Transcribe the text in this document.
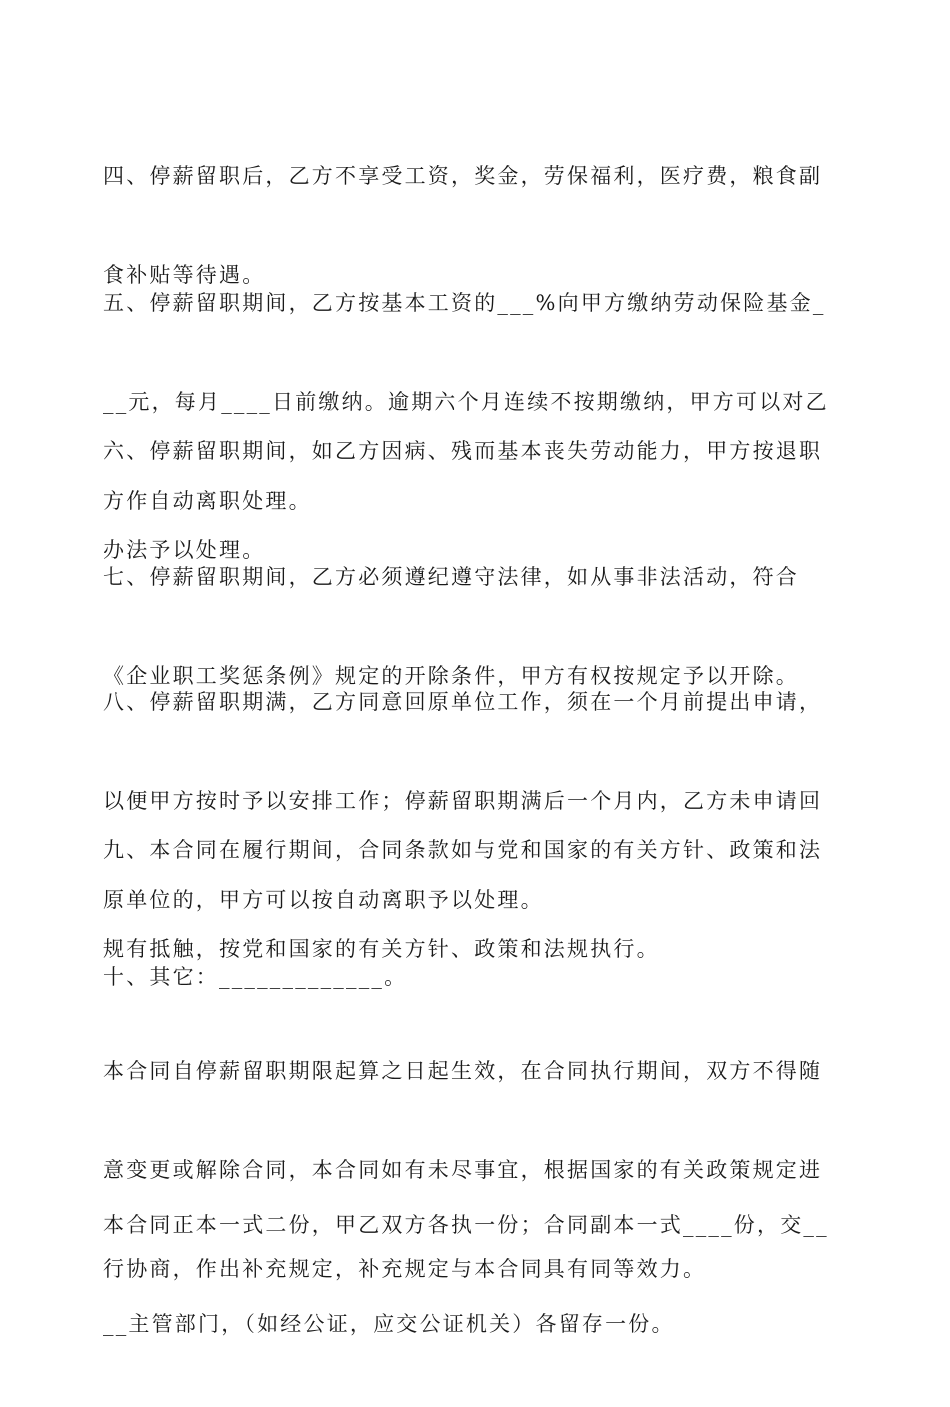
四、停薪留职后，乙方不享受工资，奖金，劳保福利，医疗费，粮食副

食补贴等待遇。

五、停薪留职期间，乙方按基本工资的___%向甲方缴纳劳动保险基金_

__元，每月____日前缴纳。逾期六个月连续不按期缴纳，甲方可以对乙

方作自动离职处理。

六、停薪留职期间，如乙方因病、残而基本丧失劳动能力，甲方按退职

办法予以处理。

七、停薪留职期间，乙方必须遵纪遵守法律，如从事非法活动，符合

《企业职工奖惩条例》规定的开除条件，甲方有权按规定予以开除。

八、停薪留职期满，乙方同意回原单位工作，须在一个月前提出申请，

以便甲方按时予以安排工作；停薪留职期满后一个月内，乙方未申请回

原单位的，甲方可以按自动离职予以处理。

九、本合同在履行期间，合同条款如与党和国家的有关方针、政策和法

规有抵触，按党和国家的有关方针、政策和法规执行。

十、其它：_____________。

本合同自停薪留职期限起算之日起生效，在合同执行期间，双方不得随

意变更或解除合同，本合同如有未尽事宜，根据国家的有关政策规定进

行协商，作出补充规定，补充规定与本合同具有同等效力。

本合同正本一式二份，甲乙双方各执一份；合同副本一式____份，交__

__主管部门，（如经公证，应交公证机关）各留存一份。
